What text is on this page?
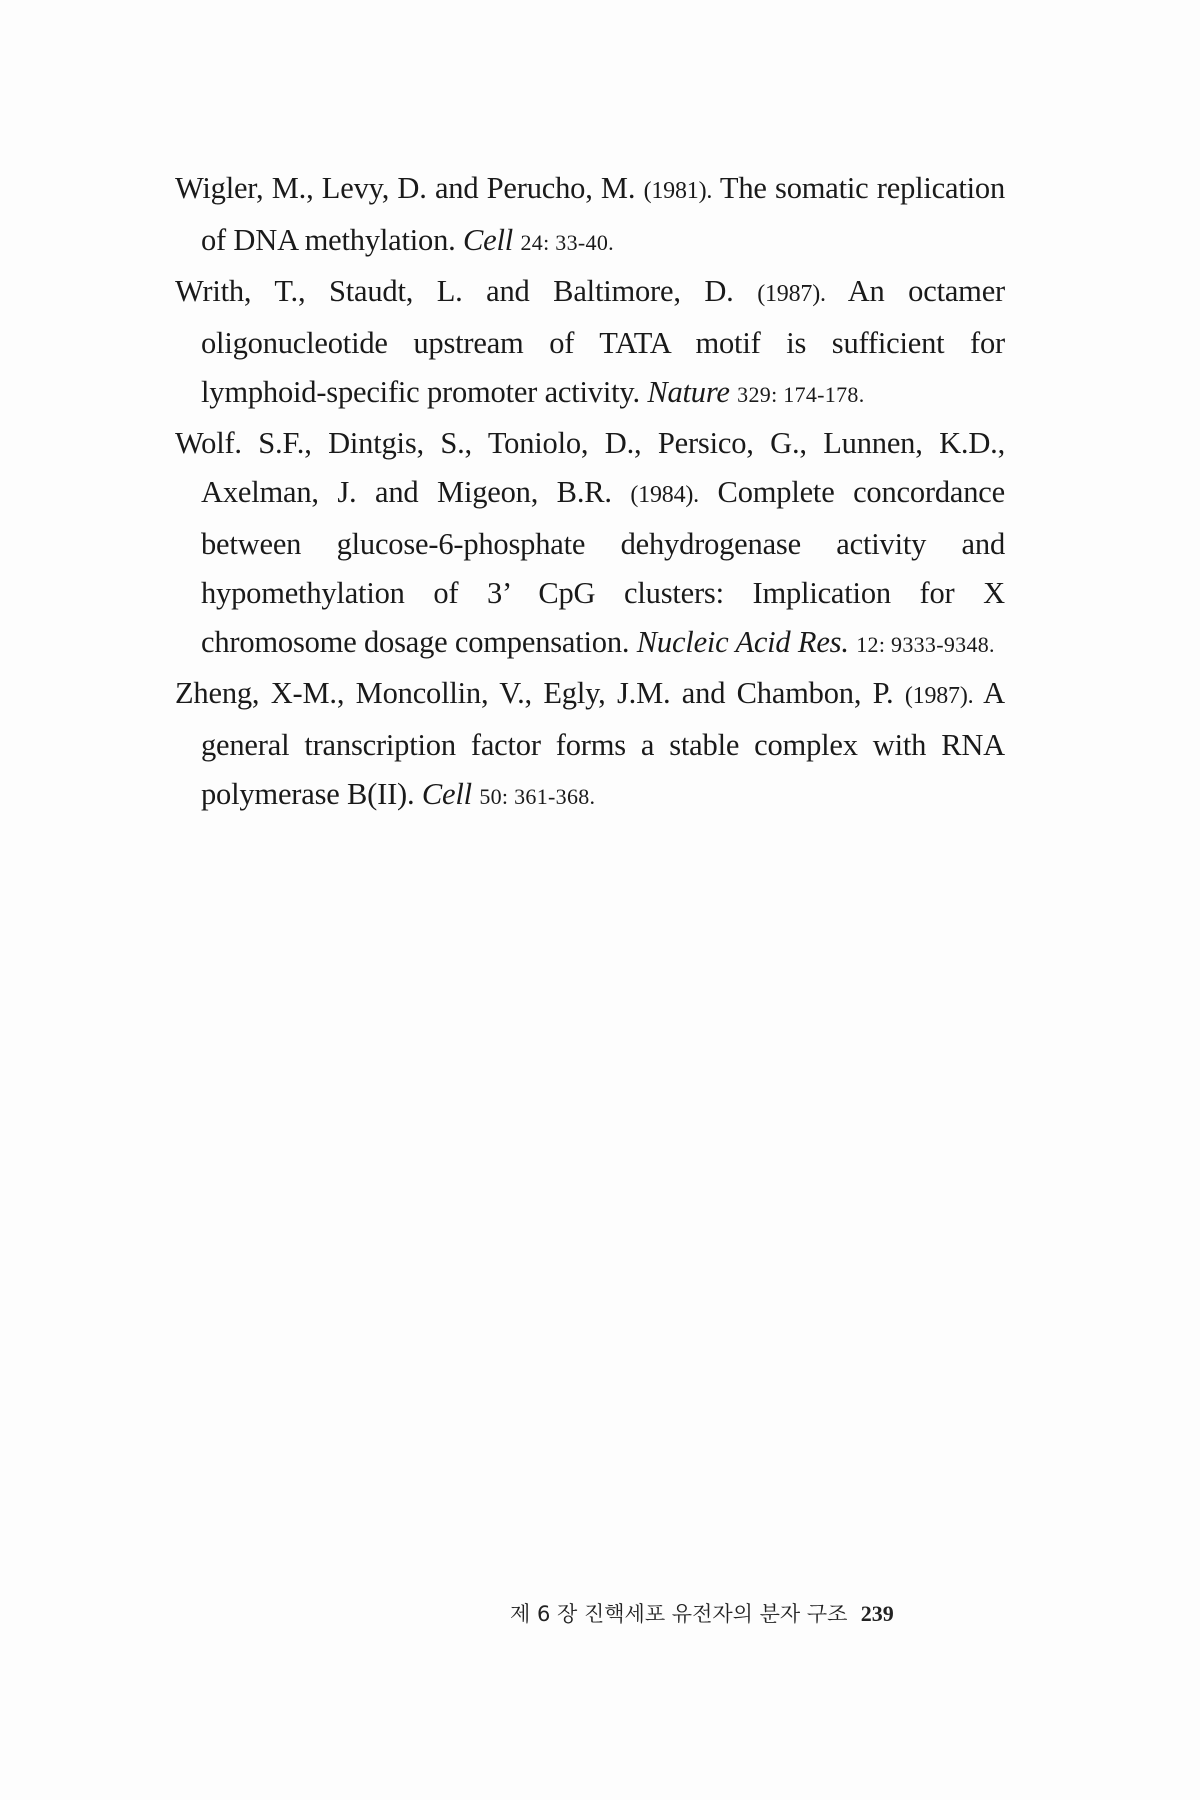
Wigler, M., Levy, D. and Perucho, M. (1981). The somatic replication of DNA methylation. Cell 24: 33-40.

Writh, T., Staudt, L. and Baltimore, D. (1987). An octamer oligonucleotide upstream of TATA motif is sufficient for lymphoid-specific promoter activity. Nature 329: 174-178.

Wolf. S.F., Dintgis, S., Toniolo, D., Persico, G., Lunnen, K.D., Axelman, J. and Migeon, B.R. (1984). Complete concordance between glucose-6-phosphate dehydrogenase activity and hypomethylation of 3’ CpG clusters: Implication for X chromosome dosage compensation. Nucleic Acid Res. 12: 9333-9348.

Zheng, X-M., Moncollin, V., Egly, J.M. and Chambon, P. (1987). A general transcription factor forms a stable complex with RNA polymerase B(II). Cell 50: 361-368.

제 6 장 진핵세포 유전자의 분자 구조 239
